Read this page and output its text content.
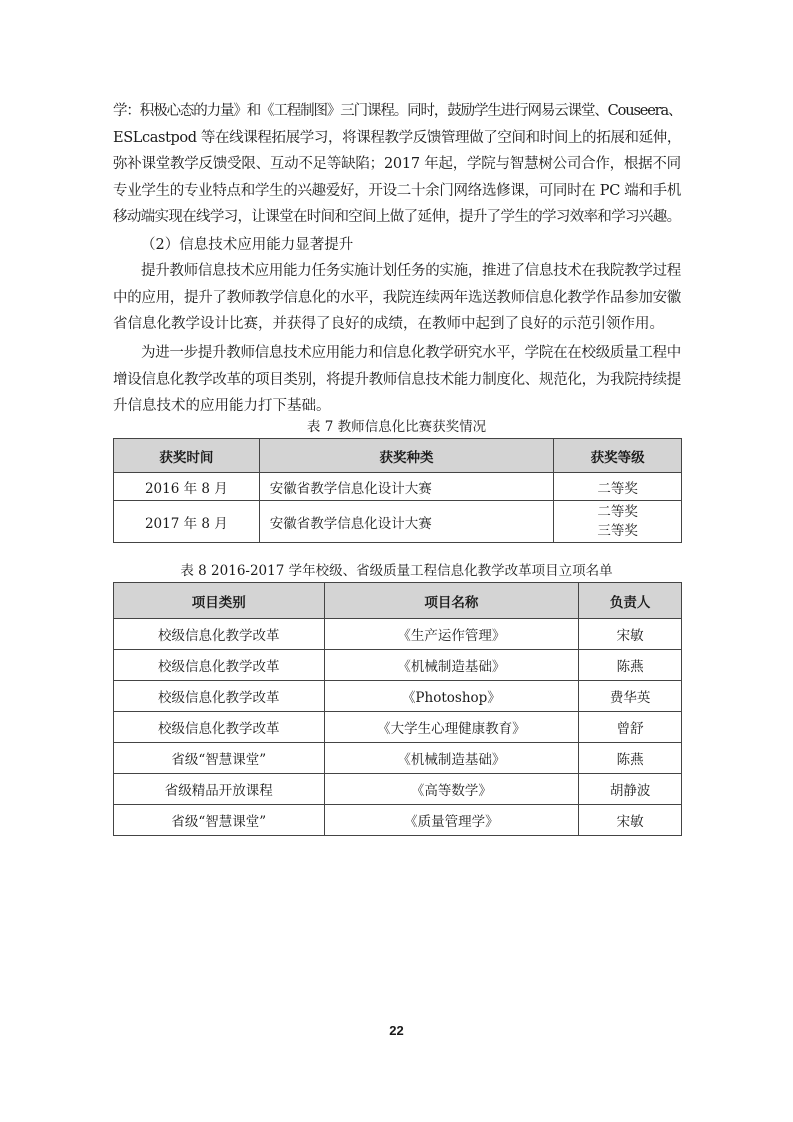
学：积极心态的力量》和《工程制图》三门课程。同时，鼓励学生进行网易云课堂、Couseera、
ESLcastpod 等在线课程拓展学习，将课程教学反馈管理做了空间和时间上的拓展和延伸，
弥补课堂教学反馈受限、互动不足等缺陷；2017 年起，学院与智慧树公司合作，根据不同
专业学生的专业特点和学生的兴趣爱好，开设二十余门网络选修课，可同时在 PC 端和手机
移动端实现在线学习，让课堂在时间和空间上做了延伸，提升了学生的学习效率和学习兴趣。

（2）信息技术应用能力显著提升

提升教师信息技术应用能力任务实施计划任务的实施，推进了信息技术在我院教学过程
中的应用，提升了教师教学信息化的水平，我院连续两年选送教师信息化教学作品参加安徽
省信息化教学设计比赛，并获得了良好的成绩，在教师中起到了良好的示范引领作用。
为进一步提升教师信息技术应用能力和信息化教学研究水平，学院在在校级质量工程中
增设信息化教学改革的项目类别，将提升教师信息技术能力制度化、规范化，为我院持续提
升信息技术的应用能力打下基础。

表 7 教师信息化比赛获奖情况

获奖时间	获奖种类	获奖等级
2016 年 8 月	安徽省教学信息化设计大赛	二等奖
2017 年 8 月	安徽省教学信息化设计大赛	二等奖
三等奖

表 8 2016-2017 学年校级、省级质量工程信息化教学改革项目立项名单

项目类别	项目名称	负责人
校级信息化教学改革	《生产运作管理》	宋敏
校级信息化教学改革	《机械制造基础》	陈燕
校级信息化教学改革	《Photoshop》	费华英
校级信息化教学改革	《大学生心理健康教育》	曾舒
省级“智慧课堂”	《机械制造基础》	陈燕
省级精品开放课程	《高等数学》	胡静波
省级“智慧课堂”	《质量管理学》	宋敏
22
